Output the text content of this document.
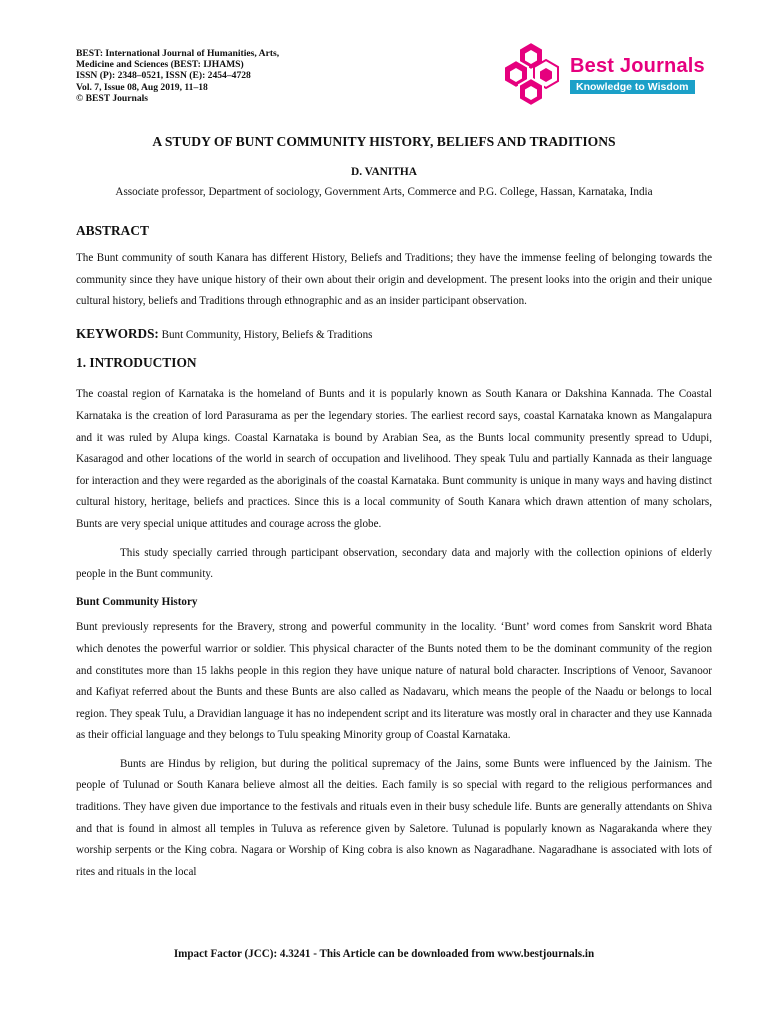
BEST: International Journal of Humanities, Arts,
Medicine and Sciences (BEST: IJHAMS)
ISSN (P): 2348–0521, ISSN (E): 2454–4728
Vol. 7, Issue 08, Aug 2019, 11–18
© BEST Journals
Best Journals
Knowledge to Wisdom
A STUDY OF BUNT COMMUNITY HISTORY, BELIEFS AND TRADITIONS
D. VANITHA
Associate professor, Department of sociology, Government Arts, Commerce and P.G. College, Hassan, Karnataka, India
ABSTRACT

The Bunt community of south Kanara has different History, Beliefs and Traditions; they have the immense feeling of belonging towards the community since they have unique history of their own about their origin and development. The present looks into the origin and their unique cultural history, beliefs and Traditions through ethnographic and as an insider participant observation.

KEYWORDS: Bunt Community, History, Beliefs & Traditions

1. INTRODUCTION

The coastal region of Karnataka is the homeland of Bunts and it is popularly known as South Kanara or Dakshina Kannada. The Coastal Karnataka is the creation of lord Parasurama as per the legendary stories. The earliest record says, coastal Karnataka known as Mangalapura and it was ruled by Alupa kings. Coastal Karnataka is bound by Arabian Sea, as the Bunts local community presently spread to Udupi, Kasaragod and other locations of the world in search of occupation and livelihood. They speak Tulu and partially Kannada as their language for interaction and they were regarded as the aboriginals of the coastal Karnataka. Bunt community is unique in many ways and having distinct cultural history, heritage, beliefs and practices. Since this is a local community of South Kanara which drawn attention of many scholars, Bunts are very special unique attitudes and courage across the globe.

This study specially carried through participant observation, secondary data and majorly with the collection opinions of elderly people in the Bunt community.

Bunt Community History

Bunt previously represents for the Bravery, strong and powerful community in the locality. ‘Bunt’ word comes from Sanskrit word Bhata which denotes the powerful warrior or soldier. This physical character of the Bunts noted them to be the dominant community of the region and constitutes more than 15 lakhs people in this region they have unique nature of natural bold character. Inscriptions of Venoor, Savanoor and Kafiyat referred about the Bunts and these Bunts are also called as Nadavaru, which means the people of the Naadu or belongs to local region. They speak Tulu, a Dravidian language it has no independent script and its literature was mostly oral in character and they use Kannada as their official language and they belongs to Tulu speaking Minority group of Coastal Karnataka.

Bunts are Hindus by religion, but during the political supremacy of the Jains, some Bunts were influenced by the Jainism. The people of Tulunad or South Kanara believe almost all the deities. Each family is so special with regard to the religious performances and traditions. They have given due importance to the festivals and rituals even in their busy schedule life. Bunts are generally attendants on Shiva and that is found in almost all temples in Tuluva as reference given by Saletore. Tulunad is popularly known as Nagarakanda where they worship serpents or the King cobra. Nagara or Worship of King cobra is also known as Nagaradhane. Nagaradhane is associated with lots of rites and rituals in the local

Impact Factor (JCC): 4.3241 - This Article can be downloaded from www.bestjournals.in
